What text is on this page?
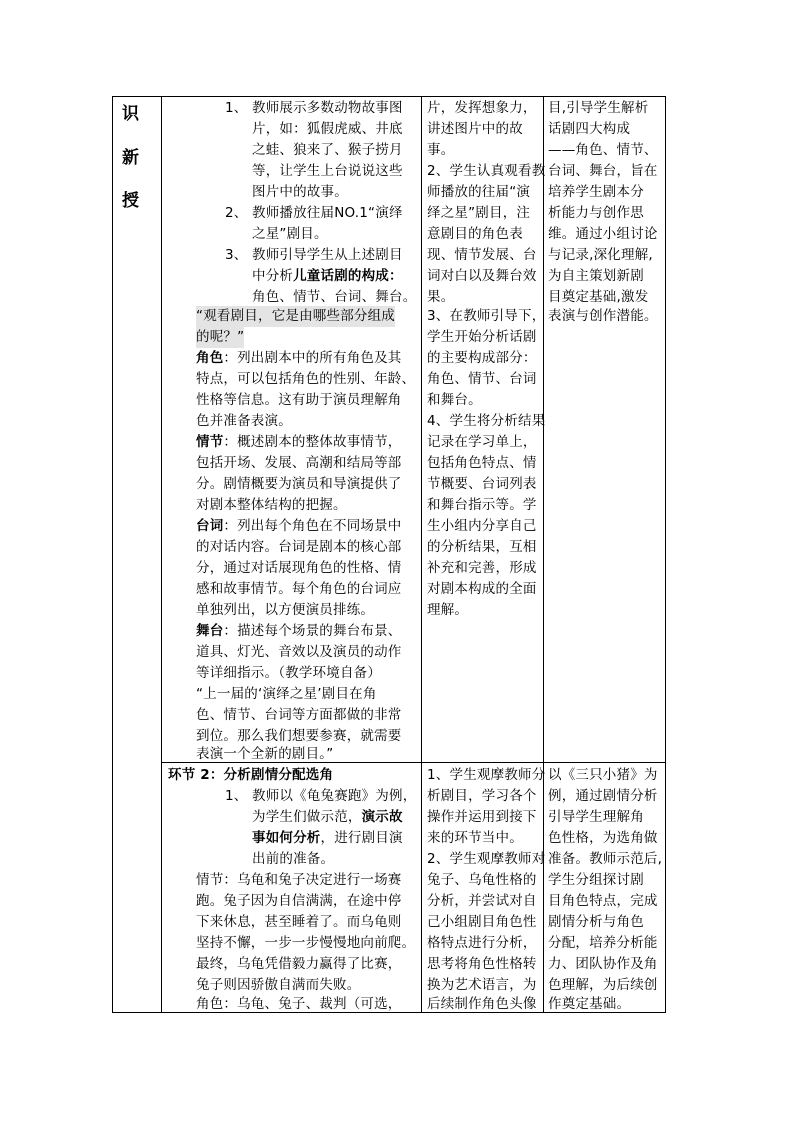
识
新
授
1、 教师展示多数动物故事图
片，如：狐假虎威、井底
之蛙、狼来了、猴子捞月
等，让学生上台说说这些
图片中的故事。
2、 教师播放往届NO.1“演绎
之星”剧目。
3、 教师引导学生从上述剧目
中分析儿童话剧的构成：
角色、情节、台词、舞台。
“观看剧目，它是由哪些部分组成
的呢？”
角色：列出剧本中的所有角色及其
特点，可以包括角色的性别、年龄、
性格等信息。这有助于演员理解角
色并准备表演。
情节：概述剧本的整体故事情节，
包括开场、发展、高潮和结局等部
分。剧情概要为演员和导演提供了
对剧本整体结构的把握。
台词：列出每个角色在不同场景中
的对话内容。台词是剧本的核心部
分，通过对话展现角色的性格、情
感和故事情节。每个角色的台词应
单独列出，以方便演员排练。
舞台：描述每个场景的舞台布景、
道具、灯光、音效以及演员的动作
等详细指示。（教学环境自备）
“上一届的‘演绎之星’剧目在角
色、情节、台词等方面都做的非常
到位。那么我们想要参赛，就需要
表演一个全新的剧目。”
片，发挥想象力，
讲述图片中的故
事。
2、学生认真观看教
师播放的往届“演
绎之星”剧目，注
意剧目的角色表
现、情节发展、台
词对白以及舞台效
果。
3、在教师引导下，
学生开始分析话剧
的主要构成部分：
角色、情节、台词
和舞台。
4、学生将分析结果
记录在学习单上，
包括角色特点、情
节概要、台词列表
和舞台指示等。学
生小组内分享自己
的分析结果，互相
补充和完善，形成
对剧本构成的全面
理解。
目,引导学生解析
话剧四大构成
——角色、情节、
台词、舞台，旨在
培养学生剧本分
析能力与创作思
维。通过小组讨论
与记录,深化理解,
为自主策划新剧
目奠定基础,激发
表演与创作潜能。
环节 2：分析剧情分配选角
1、 教师以《龟兔赛跑》为例，
为学生们做示范，演示故
事如何分析，进行剧目演
出前的准备。
情节：乌龟和兔子决定进行一场赛
跑。兔子因为自信满满，在途中停
下来休息，甚至睡着了。而乌龟则
坚持不懈，一步一步慢慢地向前爬。
最终，乌龟凭借毅力赢得了比赛，
兔子则因骄傲自满而失败。
角色：乌龟、兔子、裁判（可选，
1、学生观摩教师分
析剧目，学习各个
操作并运用到接下
来的环节当中。
2、学生观摩教师对
兔子、乌龟性格的
分析，并尝试对自
己小组剧目角色性
格特点进行分析，
思考将角色性格转
换为艺术语言，为
后续制作角色头像
以《三只小猪》为
例，通过剧情分析
引导学生理解角
色性格，为选角做
准备。教师示范后,
学生分组探讨剧
目角色特点，完成
剧情分析与角色
分配，培养分析能
力、团队协作及角
色理解，为后续创
作奠定基础。
